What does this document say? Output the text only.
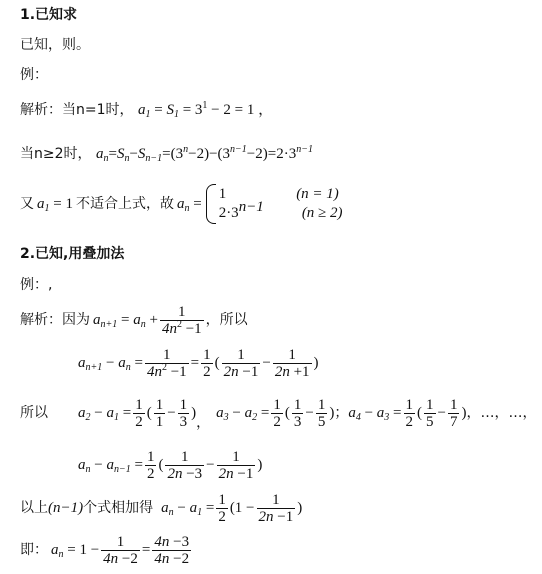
1.已知求
已知，则。
例：
解析：当n=1时， $a_1 = S_1 = 3^1 - 2 = 1$ ，
当n≥2时， $a_n=S_n-S_{n-1}=(3^n-2)-(3^{n-1}-2)=2\cdot 3^{n-1}$
又 $a_1 = 1$ 不适合上式，故 $a_n$ =
1	(n = 1)
$2\cdot 3^{n-1}$	(n ≥ 2)
2.已知,用叠加法
例：,
解析： 因为 $a_{n+1} = a_n + \frac{1}{4n^2 -1}$ ，所以
$a_{n+1} - a_n = \frac{1}{4n^2 -1} = \frac{1}{2}$ ( $\frac{1}{2n -1} - \frac{1}{2n +1}$ )
所以 $a_2 - a_1 = \frac{1}{2}$ ( $\frac{1}{1} - \frac{1}{3}$ )
，
$a_3 - a_2 = \frac{1}{2}$ ( $\frac{1}{3} - \frac{1}{5}$ ) ； $a_4 - a_3 = \frac{1}{2}$ ( $\frac{1}{5} - \frac{1}{7}$ ) ，…，…，
$a_n - a_{n-1} = \frac{1}{2}$ ( $\frac{1}{2n -3} - \frac{1}{2n -1}$ )
以上 (n−1) 个式相加得 $a_n - a_1 = \frac{1}{2} (1 - \frac{1}{2n -1}$ )
即： $a_n = 1 - \frac{1}{4n -2} = \frac{4n -3}{4n -2}$
